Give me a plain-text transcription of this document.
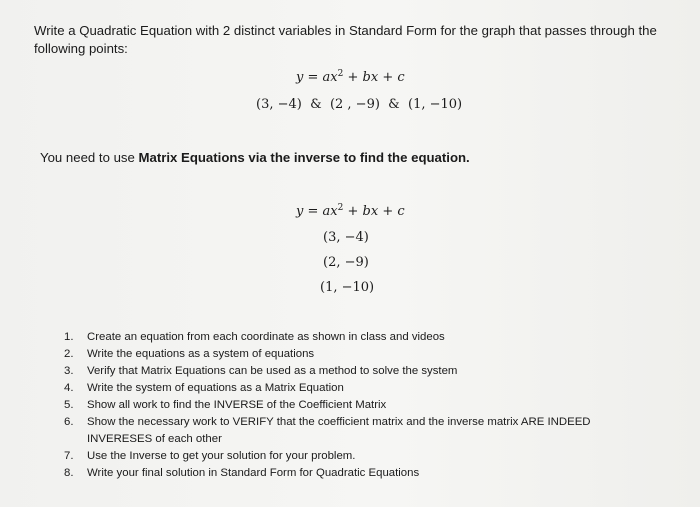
Write a Quadratic Equation with 2 distinct variables in Standard Form for the graph that passes through the
following points:
$y = ax^2$ + bx + c
(3, −4)  &  (2 , −9)  &  (1, −10)
You need to use Matrix Equations via the inverse to find the equation.
$y = ax^2$ + bx + c
(3, −4)
(2, −9)
(1, −10)
1. Create an equation from each coordinate as shown in class and videos
2. Write the equations as a system of equations
3. Verify that Matrix Equations can be used as a method to solve the system
4. Write the system of equations as a Matrix Equation
5. Show all work to find the INVERSE of the Coefficient Matrix
6. Show the necessary work to VERIFY that the coefficient matrix and the inverse matrix ARE INDEED INVERESES of each other
7. Use the Inverse to get your solution for your problem.
8. Write your final solution in Standard Form for Quadratic Equations
